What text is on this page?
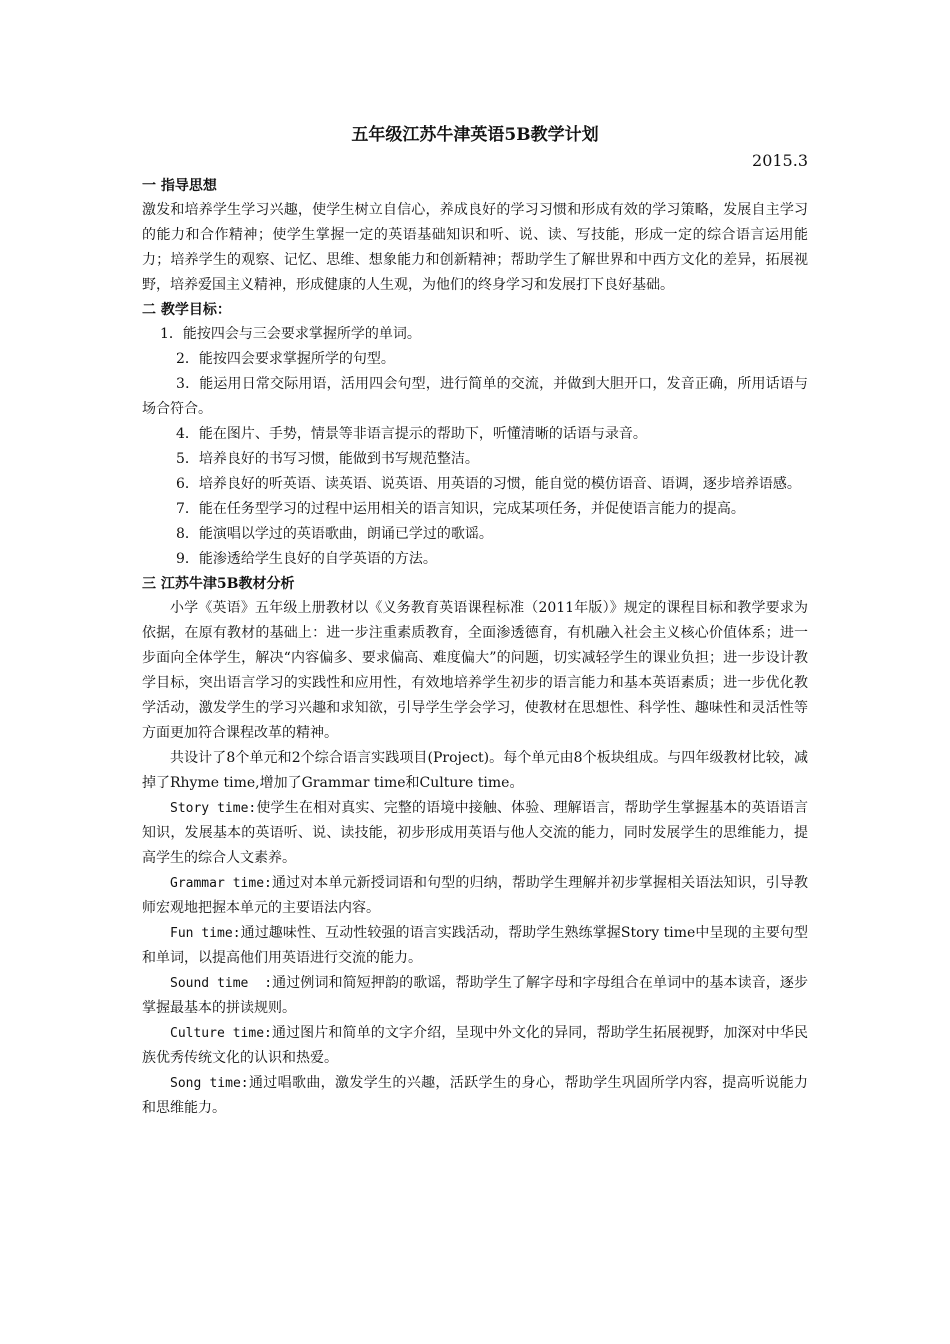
五年级江苏牛津英语5B教学计划
2015.3
一 指导思想

激发和培养学生学习兴趣，使学生树立自信心，养成良好的学习习惯和形成有效的学习策略，发展自主学习的能力和合作精神；使学生掌握一定的英语基础知识和听、说、读、写技能，形成一定的综合语言运用能力；培养学生的观察、记忆、思维、想象能力和创新精神；帮助学生了解世界和中西方文化的差异，拓展视野，培养爱国主义精神，形成健康的人生观，为他们的终身学习和发展打下良好基础。

二 教学目标：

1．能按四会与三会要求掌握所学的单词。

2．能按四会要求掌握所学的句型。

3．能运用日常交际用语，活用四会句型，进行简单的交流，并做到大胆开口，发音正确，所用话语与场合符合。

4．能在图片、手势，情景等非语言提示的帮助下，听懂清晰的话语与录音。

5．培养良好的书写习惯，能做到书写规范整洁。

6．培养良好的听英语、读英语、说英语、用英语的习惯，能自觉的模仿语音、语调，逐步培养语感。

7．能在任务型学习的过程中运用相关的语言知识，完成某项任务，并促使语言能力的提高。

8．能演唱以学过的英语歌曲，朗诵已学过的歌谣。

9．能渗透给学生良好的自学英语的方法。

三 江苏牛津5B教材分析

小学《英语》五年级上册教材以《义务教育英语课程标准（2011年版）》规定的课程目标和教学要求为依据，在原有教材的基础上：进一步注重素质教育，全面渗透德育，有机融入社会主义核心价值体系；进一步面向全体学生，解决“内容偏多、要求偏高、难度偏大”的问题，切实减轻学生的课业负担；进一步设计教学目标，突出语言学习的实践性和应用性，有效地培养学生初步的语言能力和基本英语素质；进一步优化教学活动，激发学生的学习兴趣和求知欲，引导学生学会学习，使教材在思想性、科学性、趣味性和灵活性等方面更加符合课程改革的精神。

共设计了8个单元和2个综合语言实践项目(Project)。每个单元由8个板块组成。与四年级教材比较，减掉了Rhyme time,增加了Grammar time和Culture time。

Story time:使学生在相对真实、完整的语境中接触、体验、理解语言，帮助学生掌握基本的英语语言知识，发展基本的英语听、说、读技能，初步形成用英语与他人交流的能力，同时发展学生的思维能力，提高学生的综合人文素养。

Grammar time:通过对本单元新授词语和句型的归纳，帮助学生理解并初步掌握相关语法知识，引导教师宏观地把握本单元的主要语法内容。

Fun time:通过趣味性、互动性较强的语言实践活动，帮助学生熟练掌握Story time中呈现的主要句型和单词，以提高他们用英语进行交流的能力。

Sound time  :通过例词和简短押韵的歌谣，帮助学生了解字母和字母组合在单词中的基本读音，逐步掌握最基本的拼读规则。

Culture time:通过图片和简单的文字介绍，呈现中外文化的异同，帮助学生拓展视野，加深对中华民族优秀传统文化的认识和热爱。

Song time:通过唱歌曲，激发学生的兴趣，活跃学生的身心，帮助学生巩固所学内容，提高听说能力和思维能力。
